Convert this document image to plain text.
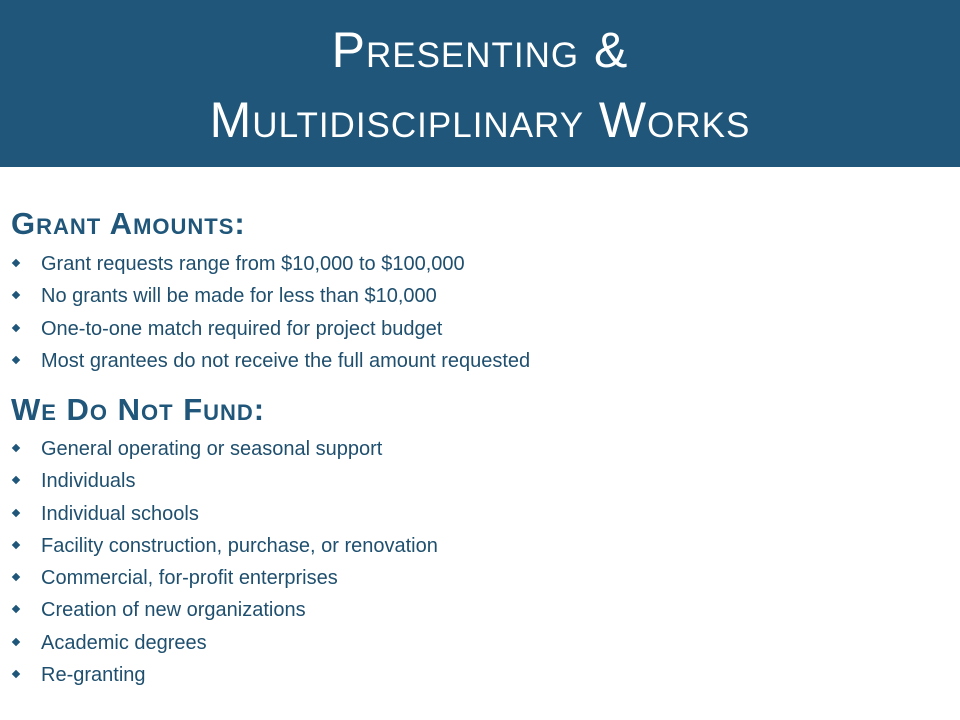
Presenting &
Multidisciplinary Works
Grant Amounts:
Grant requests range from $10,000 to $100,000
No grants will be made for less than $10,000
One-to-one match required for project budget
Most grantees do not receive the full amount requested
We Do Not Fund:
General operating or seasonal support
Individuals
Individual schools
Facility construction, purchase, or renovation
Commercial, for-profit enterprises
Creation of new organizations
Academic degrees
Re-granting
